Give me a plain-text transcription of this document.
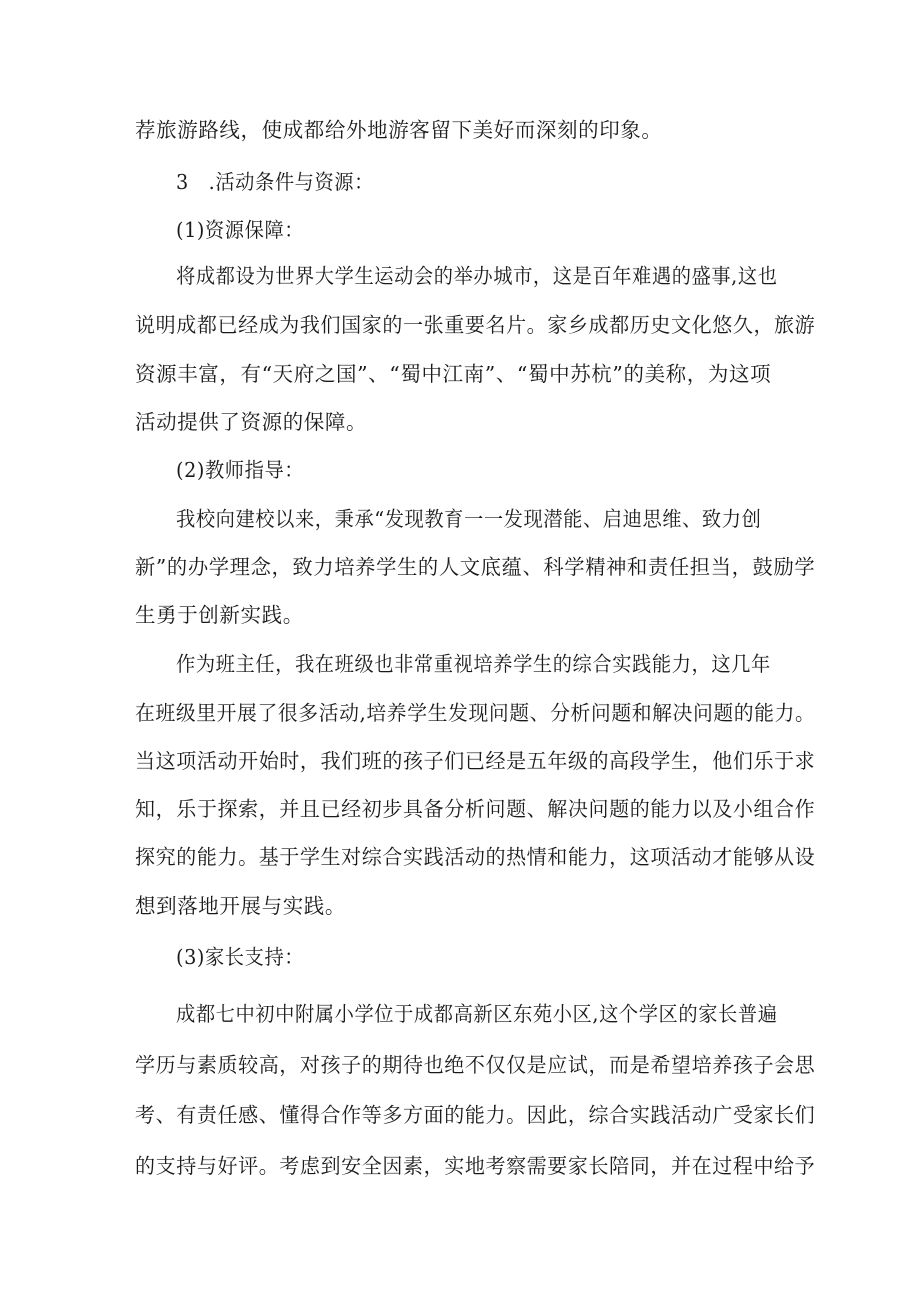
荐旅游路线，使成都给外地游客留下美好而深刻的印象。
3　.活动条件与资源：
(1)资源保障：
将成都设为世界大学生运动会的举办城市，这是百年难遇的盛事,这也
说明成都已经成为我们国家的一张重要名片。家乡成都历史文化悠久，旅游
资源丰富，有“天府之国”、“蜀中江南”、“蜀中苏杭”的美称，为这项
活动提供了资源的保障。
(2)教师指导：
我校向建校以来，秉承“发现教育一一发现潜能、启迪思维、致力创
新”的办学理念，致力培养学生的人文底蕴、科学精神和责任担当，鼓励学
生勇于创新实践。
作为班主任，我在班级也非常重视培养学生的综合实践能力，这几年
在班级里开展了很多活动,培养学生发现问题、分析问题和解决问题的能力。
当这项活动开始时，我们班的孩子们已经是五年级的高段学生，他们乐于求
知，乐于探索，并且已经初步具备分析问题、解决问题的能力以及小组合作
探究的能力。基于学生对综合实践活动的热情和能力，这项活动才能够从设
想到落地开展与实践。
(3)家长支持：
成都七中初中附属小学位于成都高新区东苑小区,这个学区的家长普遍
学历与素质较高，对孩子的期待也绝不仅仅是应试，而是希望培养孩子会思
考、有责任感、懂得合作等多方面的能力。因此，综合实践活动广受家长们
的支持与好评。考虑到安全因素，实地考察需要家长陪同，并在过程中给予
